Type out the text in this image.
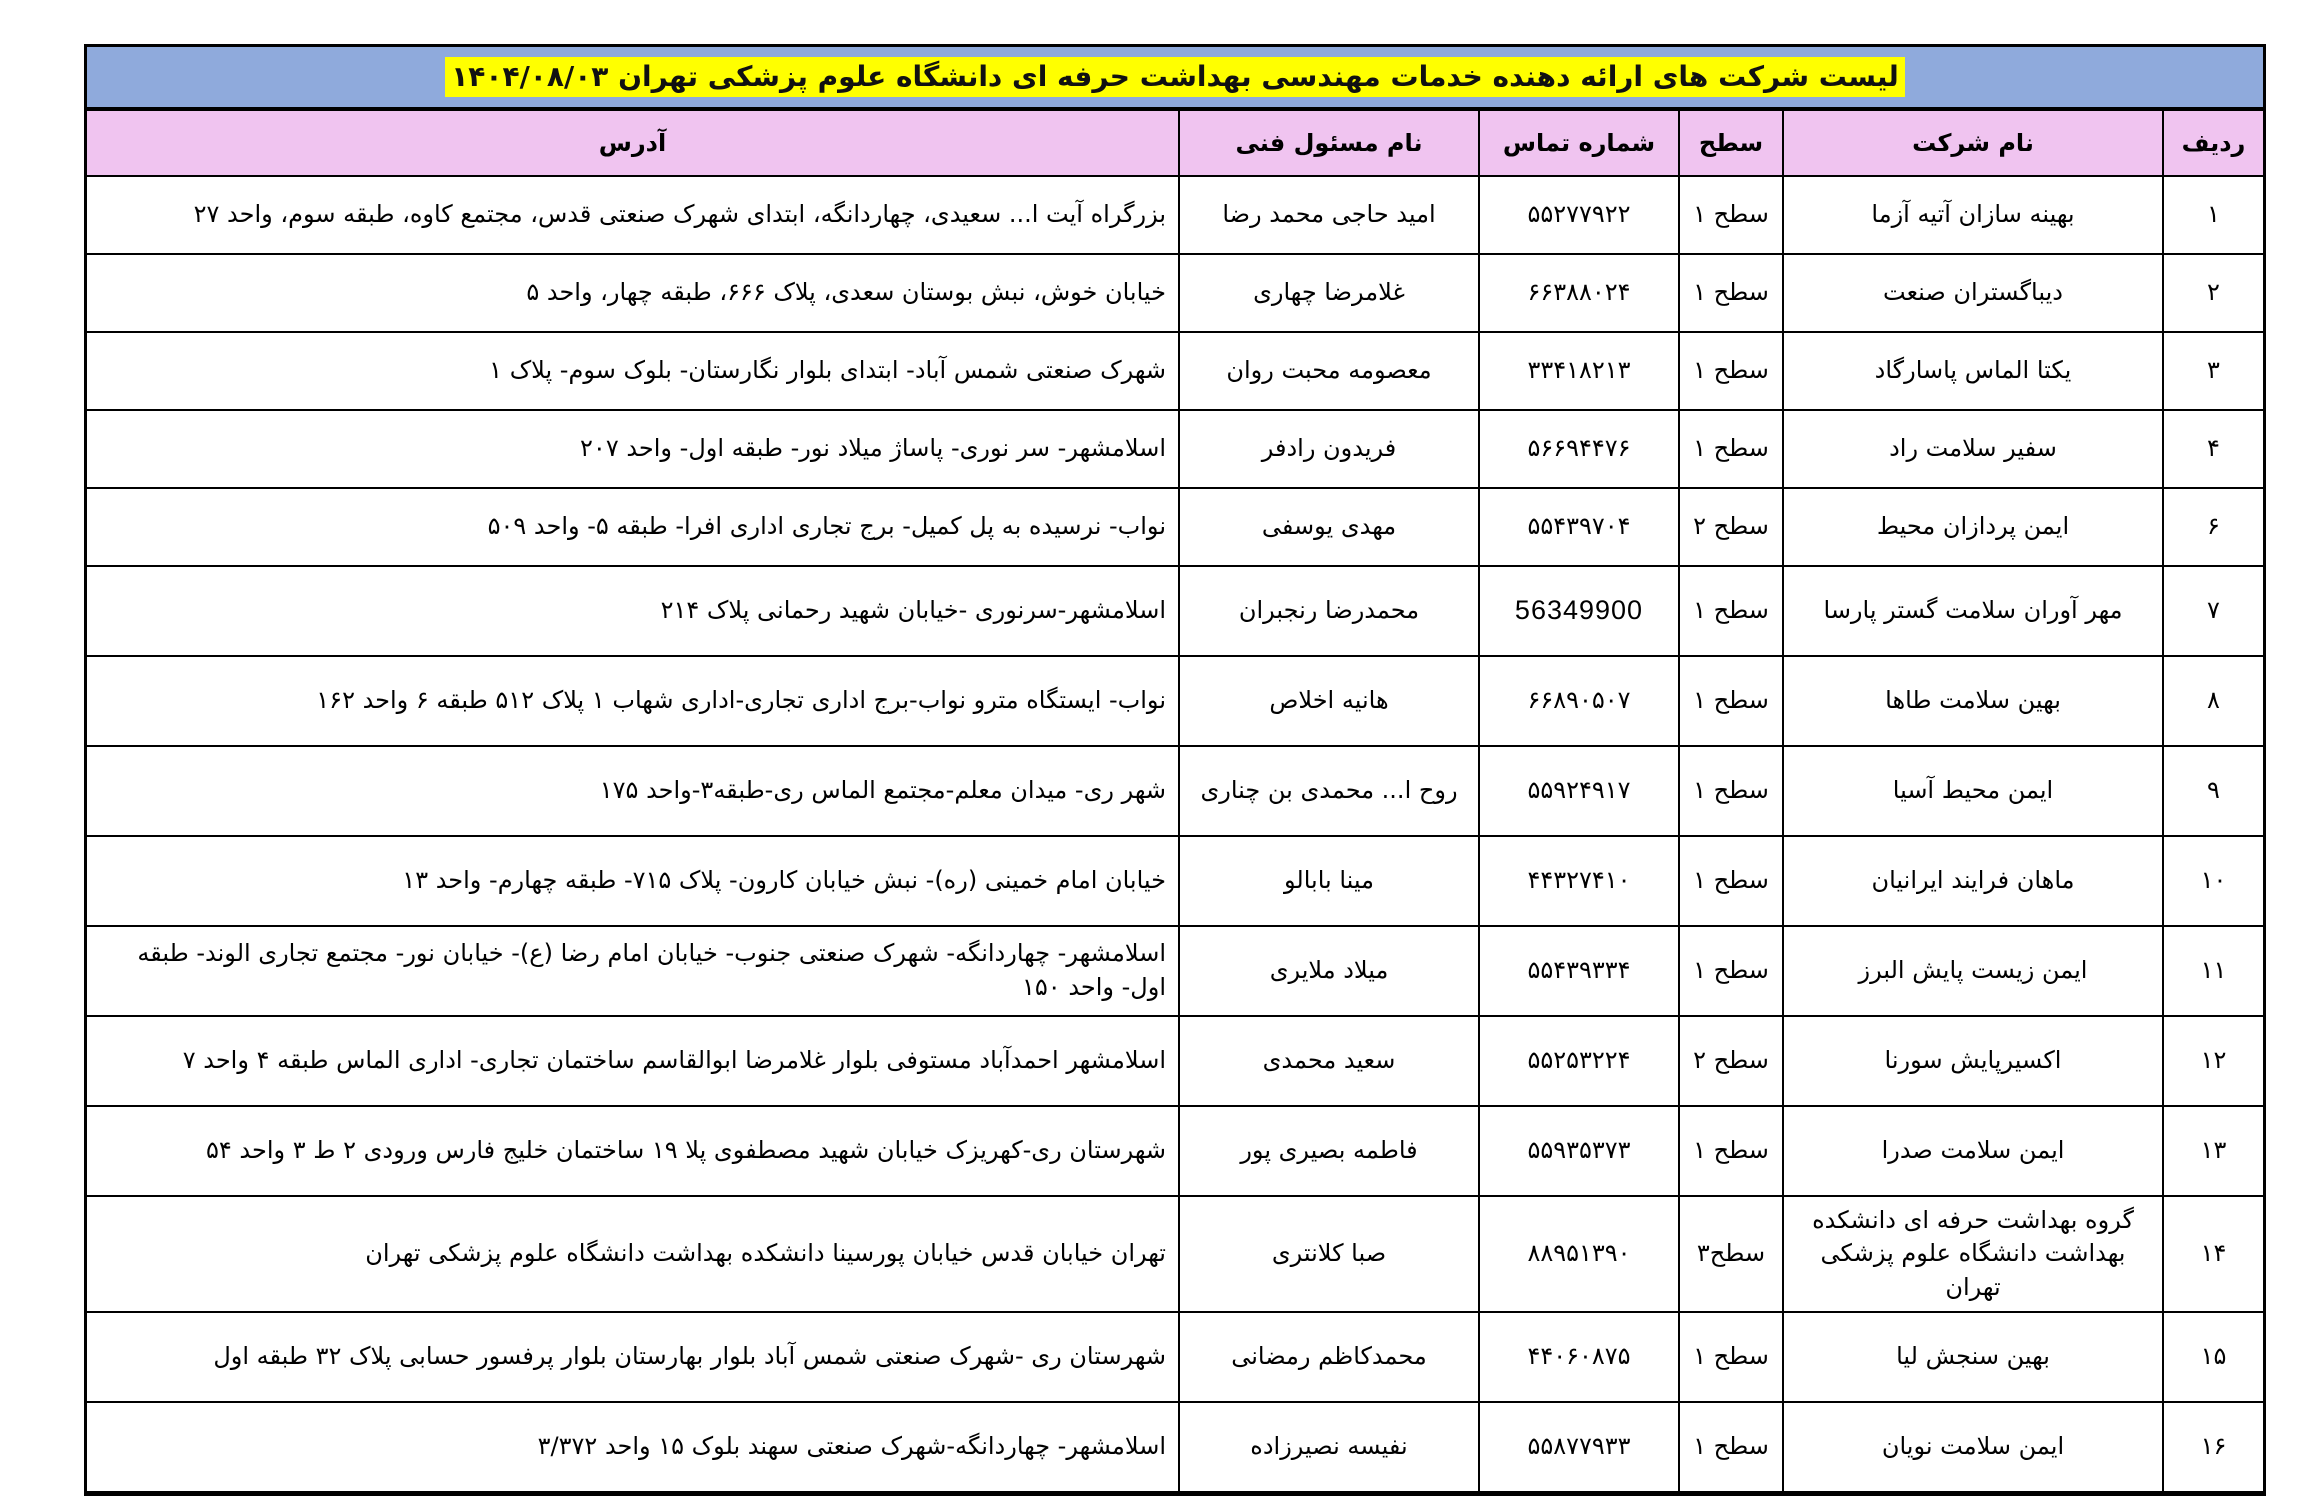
لیست شرکت های ارائه دهنده خدمات مهندسی بهداشت حرفه ای دانشگاه علوم پزشکی تهران ۱۴۰۴/۰۸/۰۳
ردیف	نام شرکت	سطح	شماره تماس	نام مسئول فنی	آدرس
۱	بهینه سازان آتیه آزما	سطح ۱	۵۵۲۷۷۹۲۲	امید حاجی محمد رضا	بزرگراه آیت ا... سعیدی، چهاردانگه، ابتدای شهرک صنعتی قدس، مجتمع کاوه، طبقه سوم، واحد ۲۷
۲	دیباگستران صنعت	سطح ۱	۶۶۳۸۸۰۲۴	غلامرضا چهاری	خیابان خوش، نبش بوستان سعدی، پلاک ۶۶۶، طبقه چهار، واحد ۵
۳	یکتا الماس پاسارگاد	سطح ۱	۳۳۴۱۸۲۱۳	معصومه محبت روان	شهرک صنعتی شمس آباد- ابتدای بلوار نگارستان- بلوک سوم- پلاک ۱
۴	سفیر سلامت راد	سطح ۱	۵۶۶۹۴۴۷۶	فریدون رادفر	اسلامشهر- سر نوری- پاساژ میلاد نور- طبقه اول- واحد ۲۰۷
۶	ایمن پردازان محیط	سطح ۲	۵۵۴۳۹۷۰۴	مهدی یوسفی	نواب- نرسیده به پل کمیل- برج تجاری اداری افرا- طبقه ۵- واحد ۵۰۹
۷	مهر آوران سلامت گستر پارسا	سطح ۱	56349900	محمدرضا رنجبران	اسلامشهر-سرنوری -خیابان شهید رحمانی پلاک ۲۱۴
۸	بهین سلامت طاها	سطح ۱	۶۶۸۹۰۵۰۷	هانیه اخلاص	نواب- ایستگاه مترو نواب-برج اداری تجاری-اداری شهاب ۱ پلاک ۵۱۲ طبقه ۶ واحد ۱۶۲
۹	ایمن محیط آسیا	سطح ۱	۵۵۹۲۴۹۱۷	روح ا... محمدی بن چناری	شهر ری- میدان معلم-مجتمع الماس ری-طبقه۳-واحد ۱۷۵
۱۰	ماهان فرایند ایرانیان	سطح ۱	۴۴۳۲۷۴۱۰	مینا بابالو	خیابان امام خمینی (ره)- نبش خیابان کارون- پلاک ۷۱۵- طبقه چهارم- واحد ۱۳
۱۱	ایمن زیست پایش البرز	سطح ۱	۵۵۴۳۹۳۳۴	میلاد ملایری	اسلامشهر- چهاردانگه- شهرک صنعتی جنوب- خیابان امام رضا (ع)- خیابان نور- مجتمع تجاری الوند- طبقه اول- واحد ۱۵۰
۱۲	اکسیرپایش سورنا	سطح ۲	۵۵۲۵۳۲۲۴	سعید محمدی	اسلامشهر احمدآباد مستوفی بلوار غلامرضا ابوالقاسم ساختمان تجاری- اداری الماس طبقه ۴ واحد ۷
۱۳	ایمن سلامت صدرا	سطح ۱	۵۵۹۳۵۳۷۳	فاطمه بصیری پور	شهرستان ری-کهریزک خیابان شهید مصطفوی پلا ۱۹ ساختمان خلیج فارس ورودی ۲ ط ۳ واحد ۵۴
۱۴	گروه بهداشت حرفه ای دانشکده بهداشت دانشگاه علوم پزشکی تهران	سطح۳	۸۸۹۵۱۳۹۰	صبا کلانتری	تهران خیابان قدس خیابان پورسینا دانشکده بهداشت دانشگاه علوم پزشکی تهران
۱۵	بهین سنجش لیا	سطح ۱	۴۴۰۶۰۸۷۵	محمدکاظم رمضانی	شهرستان ری -شهرک صنعتی شمس آباد بلوار بهارستان بلوار پرفسور حسابی پلاک ۳۲ طبقه اول
۱۶	ایمن سلامت نویان	سطح ۱	۵۵۸۷۷۹۳۳	نفیسه نصیرزاده	اسلامشهر- چهاردانگه-شهرک صنعتی سهند بلوک ۱۵ واحد ۳/۳۷۲
